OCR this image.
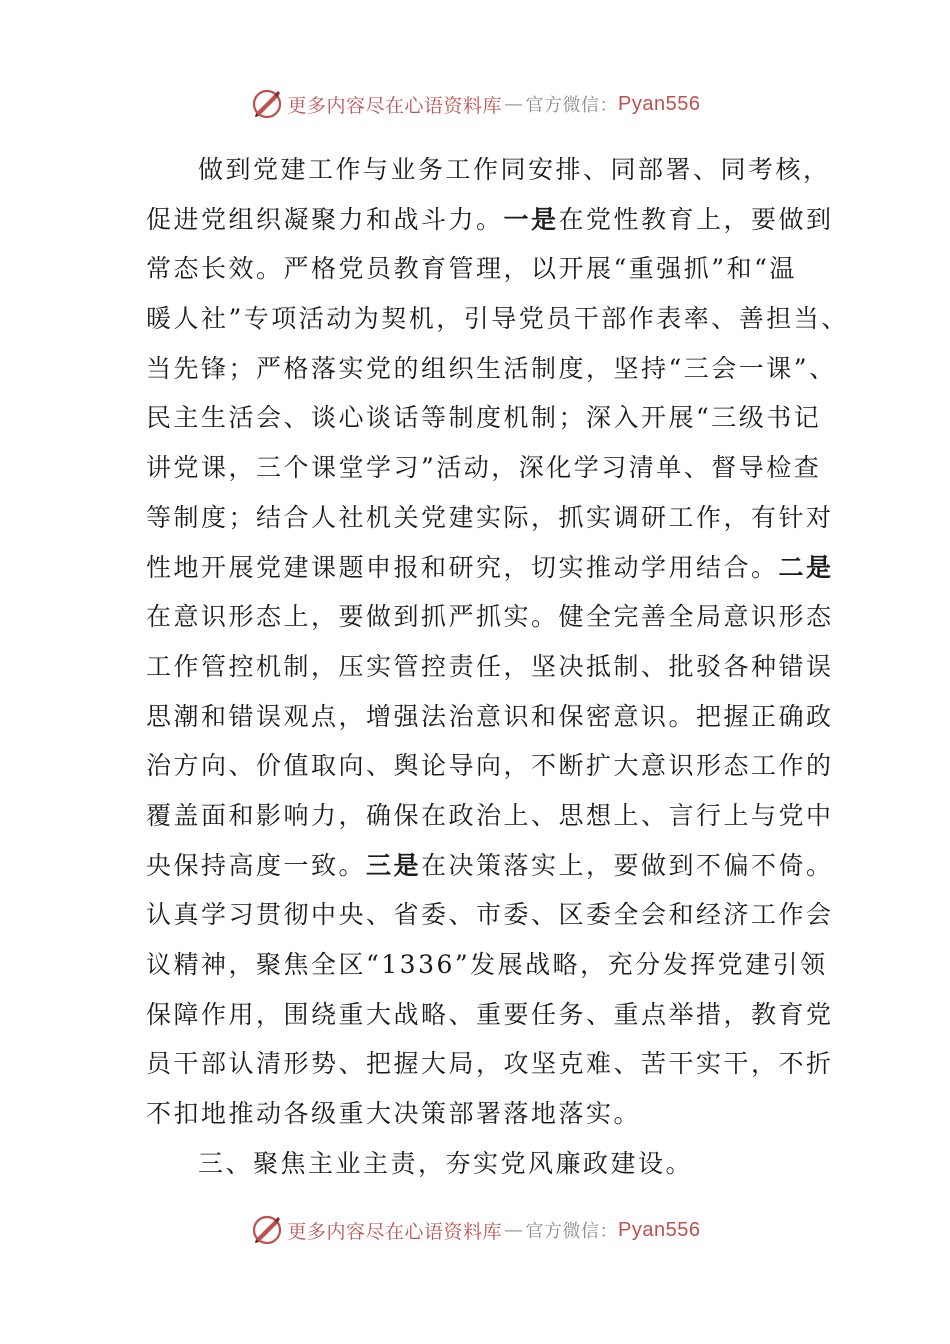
更多内容尽在心语资料库 — 官方微信： Pyan556
做到党建工作与业务工作同安排、同部署、同考核，
促进党组织凝聚力和战斗力。一是在党性教育上，要做到
常态长效。严格党员教育管理，以开展“重强抓”和“温
暖人社”专项活动为契机，引导党员干部作表率、善担当、
当先锋；严格落实党的组织生活制度，坚持“三会一课”、
民主生活会、谈心谈话等制度机制；深入开展“三级书记
讲党课，三个课堂学习”活动，深化学习清单、督导检查
等制度；结合人社机关党建实际，抓实调研工作，有针对
性地开展党建课题申报和研究，切实推动学用结合。二是
在意识形态上，要做到抓严抓实。健全完善全局意识形态
工作管控机制，压实管控责任，坚决抵制、批驳各种错误
思潮和错误观点，增强法治意识和保密意识。把握正确政
治方向、价值取向、舆论导向，不断扩大意识形态工作的
覆盖面和影响力，确保在政治上、思想上、言行上与党中
央保持高度一致。三是在决策落实上，要做到不偏不倚。
认真学习贯彻中央、省委、市委、区委全会和经济工作会
议精神，聚焦全区“1336”发展战略，充分发挥党建引领
保障作用，围绕重大战略、重要任务、重点举措，教育党
员干部认清形势、把握大局，攻坚克难、苦干实干，不折
不扣地推动各级重大决策部署落地落实。
三、聚焦主业主责，夯实党风廉政建设。
更多内容尽在心语资料库 — 官方微信： Pyan556
